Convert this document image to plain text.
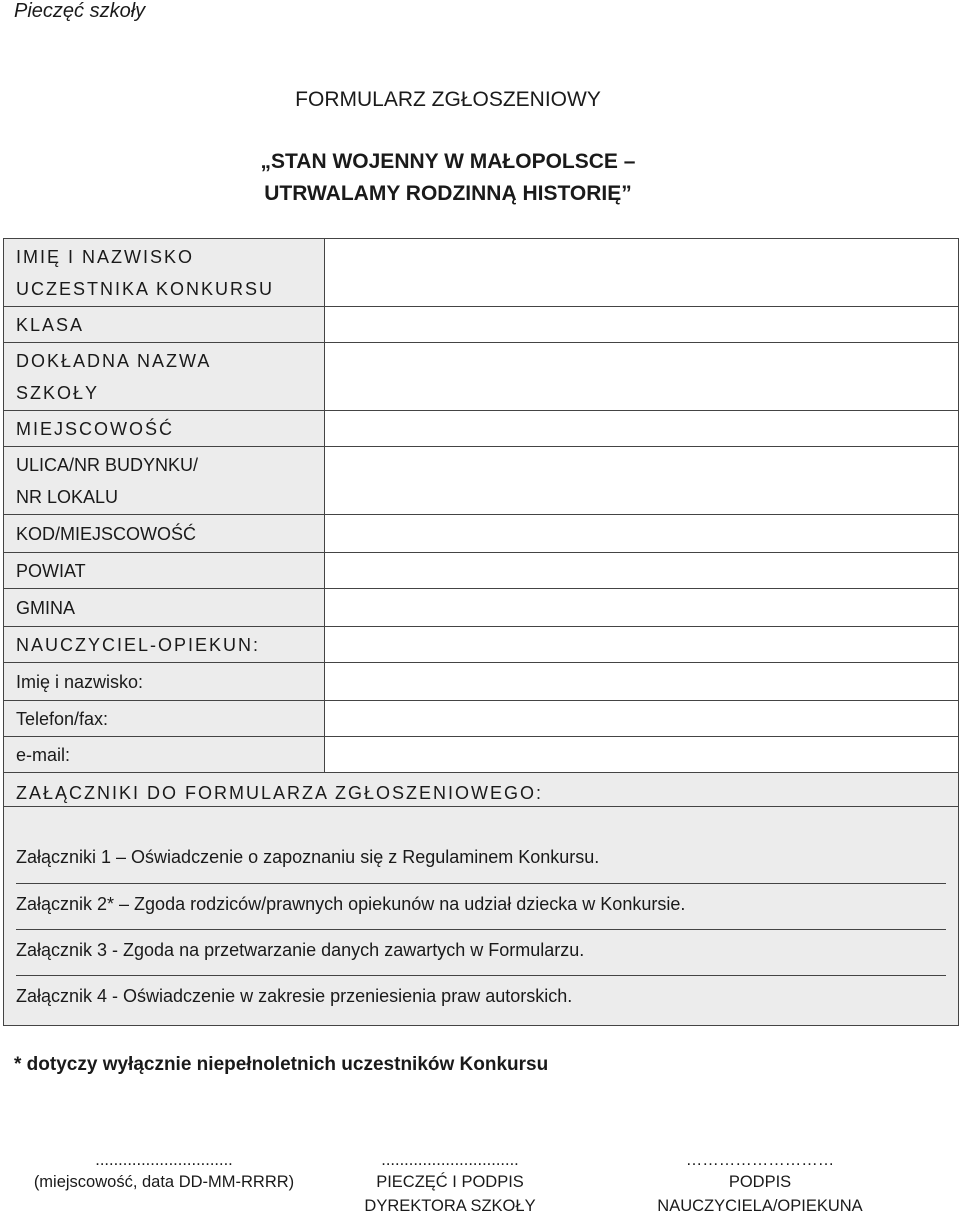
Pieczęć szkoły
FORMULARZ ZGŁOSZENIOWY
„STAN WOJENNY W MAŁOPOLSCE –
UTRWALAMY RODZINNĄ HISTORIĘ”
IMIĘ I NAZWISKO
UCZESTNIKA KONKURSU	

KLASA	

DOKŁADNA NAZWA
SZKOŁY	

MIEJSCOWOŚĆ	

ULICA/NR BUDYNKU/
NR LOKALU	

KOD/MIEJSCOWOŚĆ	
POWIAT	
GMINA	
NAUCZYCIEL-OPIEKUN:	
Imię i nazwisko:	
Telefon/fax:	
e-mail:	
ZAŁĄCZNIKI DO FORMULARZA ZGŁOSZENIOWEGO:	
Załączniki 1 – Oświadczenie o zapoznaniu się z Regulaminem Konkursu.
Załącznik 2* – Zgoda rodziców/prawnych opiekunów na udział dziecka w Konkursie.
Załącznik 3 - Zgoda na przetwarzanie danych zawartych w Formularzu.
Załącznik 4 - Oświadczenie w zakresie przeniesienia praw autorskich.
* dotyczy wyłącznie niepełnoletnich uczestników Konkursu
..............................
(miejscowość, data DD-MM-RRRR)
..............................
PIECZĘĆ I PODPIS
DYREKTORA SZKOŁY
………………………
PODPIS
NAUCZYCIELA/OPIEKUNA
